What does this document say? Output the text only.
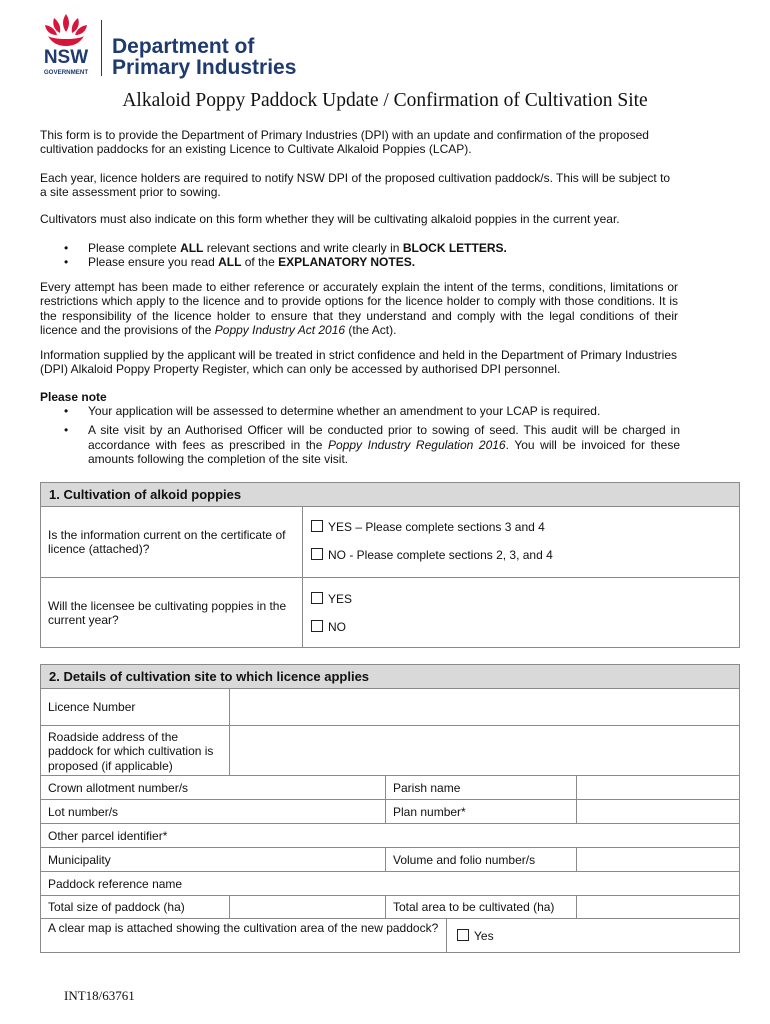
NSW
GOVERNMENT
Department of
Primary Industries
Alkaloid Poppy Paddock Update / Confirmation of Cultivation Site
This form is to provide the Department of Primary Industries (DPI) with an update and confirmation of the proposed cultivation paddocks for an existing Licence to Cultivate Alkaloid Poppies (LCAP).
Each year, licence holders are required to notify NSW DPI of the proposed cultivation paddock/s. This will be subject to a site assessment prior to sowing.
Cultivators must also indicate on this form whether they will be cultivating alkaloid poppies in the current year.
• Please complete ALL relevant sections and write clearly in BLOCK LETTERS.
• Please ensure you read ALL of the EXPLANATORY NOTES.
Every attempt has been made to either reference or accurately explain the intent of the terms, conditions, limitations or restrictions which apply to the licence and to provide options for the licence holder to comply with those conditions. It is the responsibility of the licence holder to ensure that they understand and comply with the legal conditions of their licence and the provisions of the Poppy Industry Act 2016 (the Act).
Information supplied by the applicant will be treated in strict confidence and held in the Department of Primary Industries (DPI) Alkaloid Poppy Property Register, which can only be accessed by authorised DPI personnel.
Please note
• Your application will be assessed to determine whether an amendment to your LCAP is required.
• A site visit by an Authorised Officer will be conducted prior to sowing of seed. This audit will be charged in accordance with fees as prescribed in the Poppy Industry Regulation 2016. You will be invoiced for these amounts following the completion of the site visit.
1. Cultivation of alkoid poppies
Is the information current on the certificate of licence (attached)?
YES – Please complete sections 3 and 4
NO - Please complete sections 2, 3, and 4
Will the licensee be cultivating poppies in the current year?
YES
NO
2. Details of cultivation site to which licence applies
Licence Number
Roadside address of the paddock for which cultivation is proposed (if applicable)
Crown allotment number/s	Parish name
Lot number/s	Plan number*
Other parcel identifier*
Municipality	Volume and folio number/s
Paddock reference name
Total size of paddock (ha)	Total area to be cultivated (ha)
A clear map is attached showing the cultivation area of the new paddock?
Yes
INT18/63761
